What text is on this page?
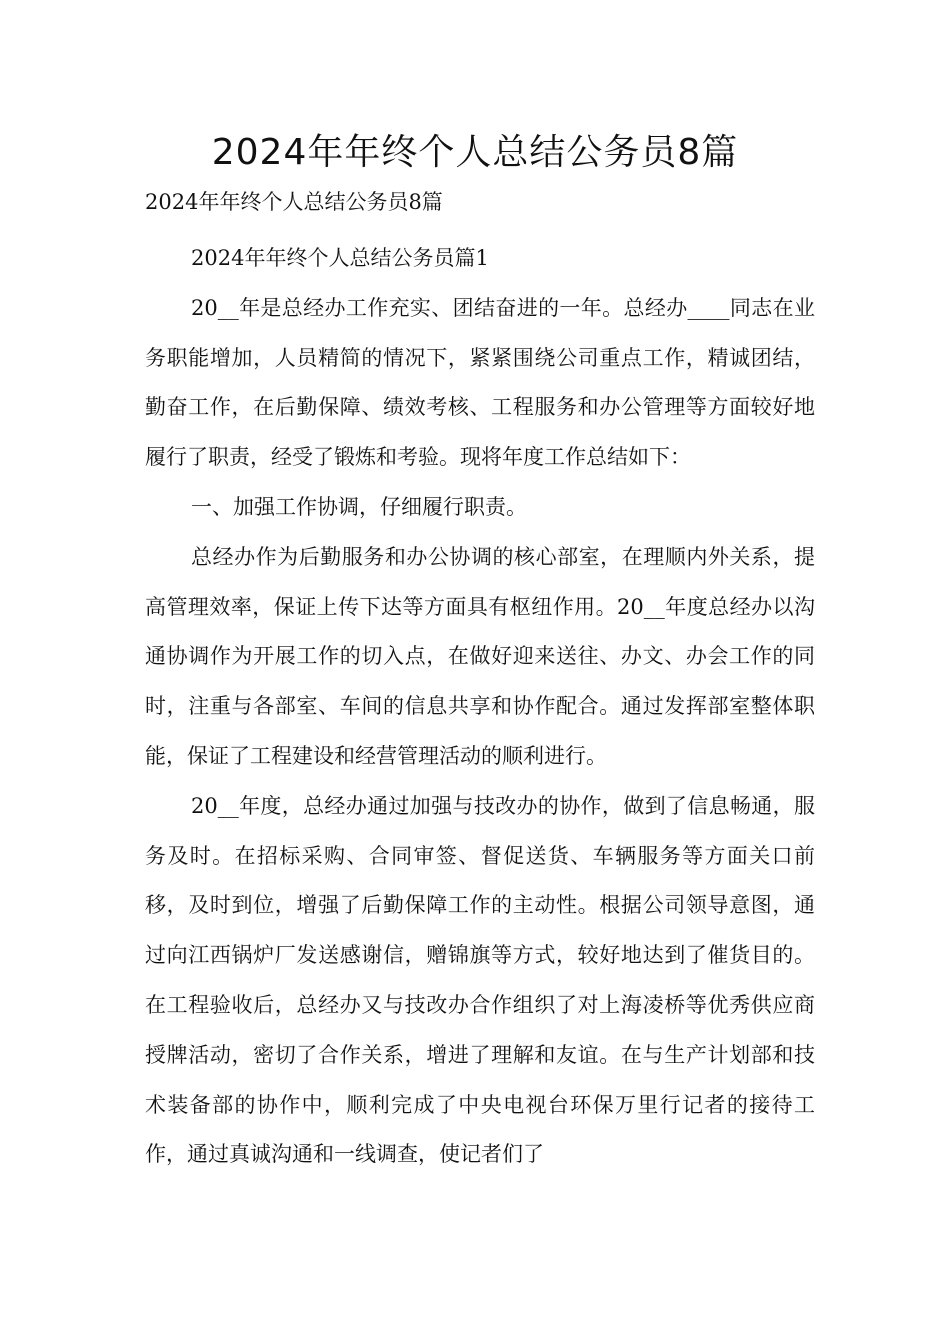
2024年年终个人总结公务员8篇

2024年年终个人总结公务员8篇

2024年年终个人总结公务员篇1

20__年是总经办工作充实、团结奋进的一年。总经办____同志在业务职能增加，人员精简的情况下，紧紧围绕公司重点工作，精诚团结，勤奋工作，在后勤保障、绩效考核、工程服务和办公管理等方面较好地履行了职责，经受了锻炼和考验。现将年度工作总结如下：

一、加强工作协调，仔细履行职责。

总经办作为后勤服务和办公协调的核心部室，在理顺内外关系，提高管理效率，保证上传下达等方面具有枢纽作用。20__年度总经办以沟通协调作为开展工作的切入点，在做好迎来送往、办文、办会工作的同时，注重与各部室、车间的信息共享和协作配合。通过发挥部室整体职能，保证了工程建设和经营管理活动的顺利进行。

20__年度，总经办通过加强与技改办的协作，做到了信息畅通，服务及时。在招标采购、合同审签、督促送货、车辆服务等方面关口前移，及时到位，增强了后勤保障工作的主动性。根据公司领导意图，通过向江西锅炉厂发送感谢信，赠锦旗等方式，较好地达到了催货目的。在工程验收后，总经办又与技改办合作组织了对上海凌桥等优秀供应商授牌活动，密切了合作关系，增进了理解和友谊。在与生产计划部和技术装备部的协作中，顺利完成了中央电视台环保万里行记者的接待工作，通过真诚沟通和一线调查，使记者们了
